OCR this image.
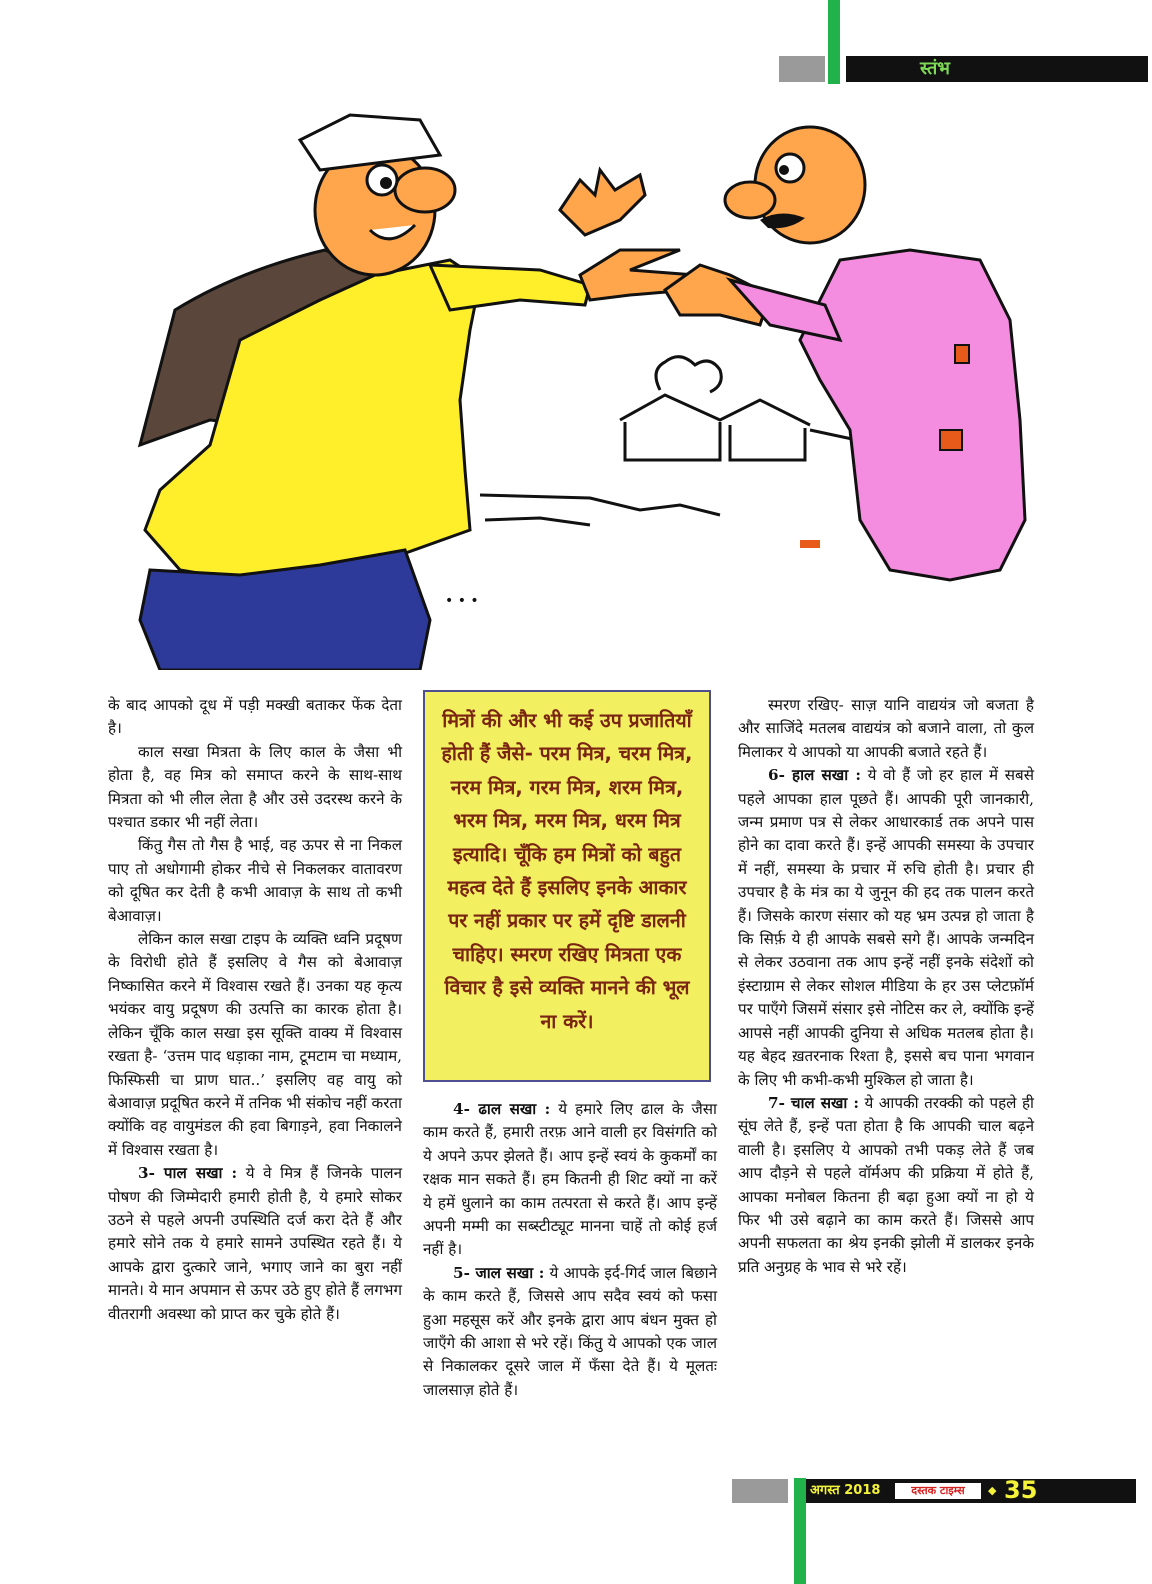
स्तंभ
• • •

के बाद आपको दूध में पड़ी मक्खी बताकर फेंक देता है।

काल सखा मित्रता के लिए काल के जैसा भी होता है, वह मित्र को समाप्त करने के साथ-साथ मित्रता को भी लील लेता है और उसे उदरस्थ करने के पश्चात डकार भी नहीं लेता।

किंतु गैस तो गैस है भाई, वह ऊपर से ना निकल पाए तो अधोगामी होकर नीचे से निकलकर वातावरण को दूषित कर देती है कभी आवाज़ के साथ तो कभी बेआवाज़।

लेकिन काल सखा टाइप के व्यक्ति ध्वनि प्रदूषण के विरोधी होते हैं इसलिए वे गैस को बेआवाज़ निष्कासित करने में विश्वास रखते हैं। उनका यह कृत्य भयंकर वायु प्रदूषण की उत्पत्ति का कारक होता है। लेकिन चूँकि काल सखा इस सूक्ति वाक्य में विश्वास रखता है- ‘उत्तम पाद धड़ाका नाम, टूमटाम चा मध्याम, फिस्फिसी चा प्राण घात..’ इसलिए वह वायु को बेआवाज़ प्रदूषित करने में तनिक भी संकोच नहीं करता क्योंकि वह वायुमंडल की हवा बिगाड़ने, हवा निकालने में विश्वास रखता है।

3- पाल सखा : ये वे मित्र हैं जिनके पालन पोषण की जिम्मेदारी हमारी होती है, ये हमारे सोकर उठने से पहले अपनी उपस्थिति दर्ज करा देते हैं और हमारे सोने तक ये हमारे सामने उपस्थित रहते हैं। ये आपके द्वारा दुत्कारे जाने, भगाए जाने का बुरा नहीं मानते। ये मान अपमान से ऊपर उठे हुए होते हैं लगभग वीतरागी अवस्था को प्राप्त कर चुके होते हैं।

मित्रों की और भी कई उप प्रजातियाँ होती हैं जैसे- परम मित्र, चरम मित्र, नरम मित्र, गरम मित्र, शरम मित्र, भरम मित्र, मरम मित्र, धरम मित्र इत्यादि। चूँकि हम मित्रों को बहुत महत्व देते हैं इसलिए इनके आकार पर नहीं प्रकार पर हमें दृष्टि डालनी चाहिए। स्मरण रखिए मित्रता एक विचार है इसे व्यक्ति मानने की भूल ना करें।

4- ढाल सखा : ये हमारे लिए ढाल के जैसा काम करते हैं, हमारी तरफ़ आने वाली हर विसंगति को ये अपने ऊपर झेलते हैं। आप इन्हें स्वयं के कुकर्मों का रक्षक मान सकते हैं। हम कितनी ही शिट क्यों ना करें ये हमें धुलाने का काम तत्परता से करते हैं। आप इन्हें अपनी मम्मी का सब्स्टीट्यूट मानना चाहें तो कोई हर्ज नहीं है।

5- जाल सखा : ये आपके इर्द-गिर्द जाल बिछाने के काम करते हैं, जिससे आप सदैव स्वयं को फसा हुआ महसूस करें और इनके द्वारा आप बंधन मुक्त हो जाएँगे की आशा से भरे रहें। किंतु ये आपको एक जाल से निकालकर दूसरे जाल में फँसा देते हैं। ये मूलतः जालसाज़ होते हैं।

स्मरण रखिए- साज़ यानि वाद्ययंत्र जो बजता है और साजिंदे मतलब वाद्ययंत्र को बजाने वाला, तो कुल मिलाकर ये आपको या आपकी बजाते रहते हैं।

6- हाल सखा : ये वो हैं जो हर हाल में सबसे पहले आपका हाल पूछते हैं। आपकी पूरी जानकारी, जन्म प्रमाण पत्र से लेकर आधारकार्ड तक अपने पास होने का दावा करते हैं। इन्हें आपकी समस्या के उपचार में नहीं, समस्या के प्रचार में रुचि होती है। प्रचार ही उपचार है के मंत्र का ये जुनून की हद तक पालन करते हैं। जिसके कारण संसार को यह भ्रम उत्पन्न हो जाता है कि सिर्फ़ ये ही आपके सबसे सगे हैं। आपके जन्मदिन से लेकर उठवाना तक आप इन्हें नहीं इनके संदेशों को इंस्टाग्राम से लेकर सोशल मीडिया के हर उस प्लेटफ़ॉर्म पर पाएँगे जिसमें संसार इसे नोटिस कर ले, क्योंकि इन्हें आपसे नहीं आपकी दुनिया से अधिक मतलब होता है। यह बेहद ख़तरनाक रिश्ता है, इससे बच पाना भगवान के लिए भी कभी-कभी मुश्किल हो जाता है।

7- चाल सखा : ये आपकी तरक्की को पहले ही सूंघ लेते हैं, इन्हें पता होता है कि आपकी चाल बढ़ने वाली है। इसलिए ये आपको तभी पकड़ लेते हैं जब आप दौड़ने से पहले वॉर्मअप की प्रक्रिया में होते हैं, आपका मनोबल कितना ही बढ़ा हुआ क्यों ना हो ये फिर भी उसे बढ़ाने का काम करते हैं। जिससे आप अपनी सफलता का श्रेय इनकी झोली में डालकर इनके प्रति अनुग्रह के भाव से भरे रहें।

अगस्त 2018	दस्तक टाइम्स	◆ 35
